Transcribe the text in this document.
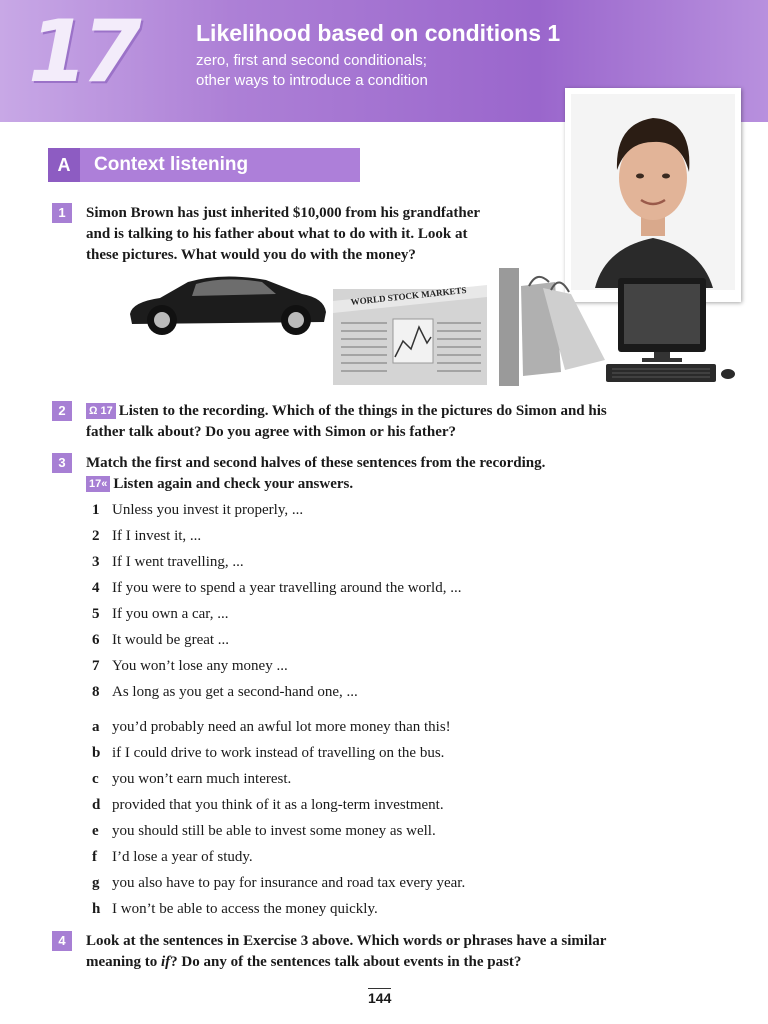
17	Likelihood based on conditions 1
zero, first and second conditionals;
other ways to introduce a condition
A	Context listening
1	Simon Brown has just inherited $10,000 from his grandfather
and is talking to his father about what to do with it. Look at
these pictures. What would you do with the money?
WORLD STOCK MARKETS
2	Ω 17 Listen to the recording. Which of the things in the pictures do Simon and his
father talk about? Do you agree with Simon or his father?
3	Match the first and second halves of these sentences from the recording.
17« Listen again and check your answers.
1 Unless you invest it properly, ...
2 If I invest it, ...
3 If I went travelling, ...
4 If you were to spend a year travelling around the world, ...
5 If you own a car, ...
6 It would be great ...
7 You won’t lose any money ...
8 As long as you get a second-hand one, ...
a you’d probably need an awful lot more money than this!
b if I could drive to work instead of travelling on the bus.
c you won’t earn much interest.
d provided that you think of it as a long-term investment.
e you should still be able to invest some money as well.
f I’d lose a year of study.
g you also have to pay for insurance and road tax every year.
h I won’t be able to access the money quickly.
4	Look at the sentences in Exercise 3 above. Which words or phrases have a similar
meaning to if? Do any of the sentences talk about events in the past?
144
